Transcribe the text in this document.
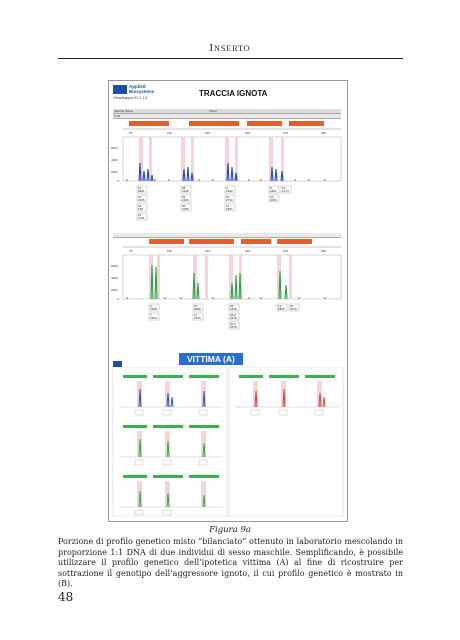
Inserto
Applied
Biosystems
GeneMapper ID-X 1.4	TRACCIA IGNOTA
Sample Name	Panel
DYE
75	150	225	300	375	450
6000
4000
2000
0
13
8261
14
3155
15
198
16
1761
28
2139
29
2183
30
2185
9
2190
10
2719
11
1867
8
1831
10
2054
12
1374
75	150	225	300	375	450
6000
4000
2000
0
X
7698
Y
7504
16
9066
17
3763
25
2316
26.2
5178
30.2
5675
13
6860
20
2970
VITTIMA (A)
Figura 9a
Porzione di profilo genetico misto “bilanciato” ottenuto in laboratorio mescolando in proporzione 1:1 DNA di due individui di sesso maschile. Semplificando, è possibile utilizzare il profilo genetico dell’ipotetica vittima (A) al fine di ricostruire per sottrazione il genotipo dell’aggressore ignoto, il cui profilo genetico è mostrato in (B).
48
